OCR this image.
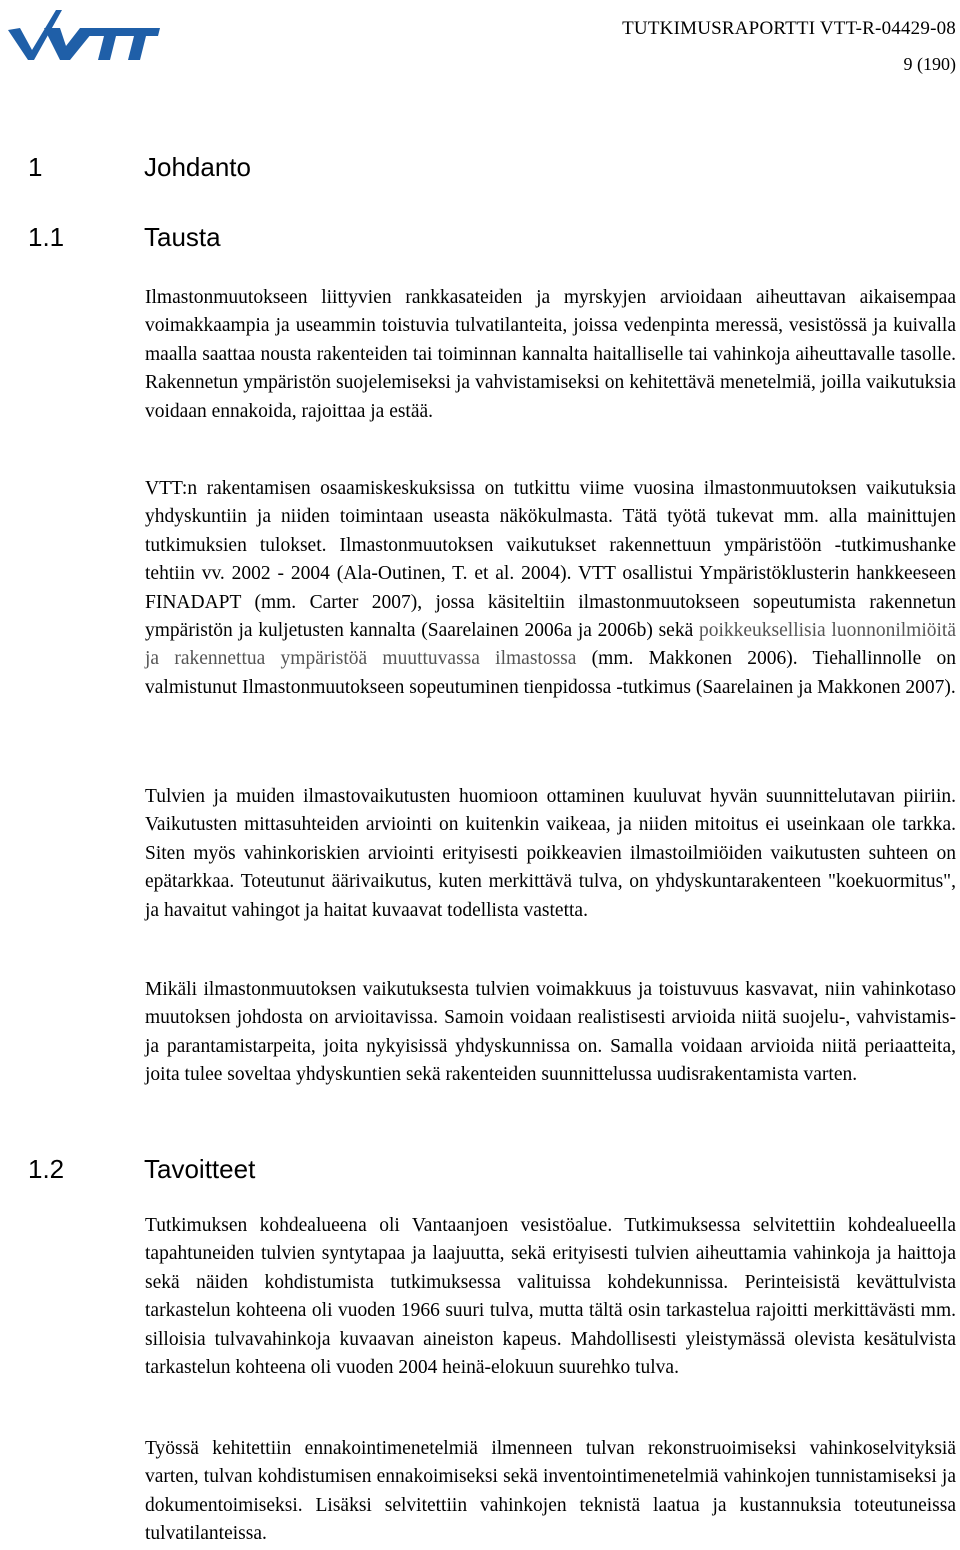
TUTKIMUSRAPORTTI VTT-R-04429-08
9 (190)
1	Johdanto
1.1	Tausta

Ilmastonmuutokseen liittyvien rankkasateiden ja myrskyjen arvioidaan aiheuttavan aikaisempaa voimakkaampia ja useammin toistuvia tulvatilanteita, joissa vedenpinta meressä, vesistössä ja kuivalla maalla saattaa nousta rakenteiden tai toiminnan kannalta haitalliselle tai vahinkoja aiheuttavalle tasolle. Rakennetun ympäristön suojelemiseksi ja vahvistamiseksi on kehitettävä menetelmiä, joilla vaikutuksia voidaan ennakoida, rajoittaa ja estää.

VTT:n rakentamisen osaamiskeskuksissa on tutkittu viime vuosina ilmastonmuutoksen vaikutuksia yhdyskuntiin ja niiden toimintaan useasta näkökulmasta. Tätä työtä tukevat mm. alla mainittujen tutkimuksien tulokset. Ilmastonmuutoksen vaikutukset rakennettuun ympäristöön -tutkimushanke tehtiin vv. 2002 - 2004 (Ala-Outinen, T. et al. 2004). VTT osallistui Ympäristöklusterin hankkeeseen FINADAPT (mm. Carter 2007), jossa käsiteltiin ilmastonmuutokseen sopeutumista rakennetun ympäristön ja kuljetusten kannalta (Saarelainen 2006a ja 2006b) sekä poikkeuksellisia luonnonilmiöitä ja rakennettua ympäristöä muuttuvassa ilmastossa (mm. Makkonen 2006). Tiehallinnolle on valmistunut Ilmastonmuutokseen sopeutuminen tienpidossa -tutkimus (Saarelainen ja Makkonen 2007).

Tulvien ja muiden ilmastovaikutusten huomioon ottaminen kuuluvat hyvän suunnittelutavan piiriin. Vaikutusten mittasuhteiden arviointi on kuitenkin vaikeaa, ja niiden mitoitus ei useinkaan ole tarkka. Siten myös vahinkoriskien arviointi erityisesti poikkeavien ilmastoilmiöiden vaikutusten suhteen on epätarkkaa. Toteutunut äärivaikutus, kuten merkittävä tulva, on yhdyskuntarakenteen "koekuormitus", ja havaitut vahingot ja haitat kuvaavat todellista vastetta.

Mikäli ilmastonmuutoksen vaikutuksesta tulvien voimakkuus ja toistuvuus kasvavat, niin vahinkotaso muutoksen johdosta on arvioitavissa. Samoin voidaan realistisesti arvioida niitä suojelu-, vahvistamis- ja parantamistarpeita, joita nykyisissä yhdyskunnissa on. Samalla voidaan arvioida niitä periaatteita, joita tulee soveltaa yhdyskuntien sekä rakenteiden suunnittelussa uudisrakentamista varten.

1.2	Tavoitteet

Tutkimuksen kohdealueena oli Vantaanjoen vesistöalue. Tutkimuksessa selvitettiin kohdealueella tapahtuneiden tulvien syntytapaa ja laajuutta, sekä erityisesti tulvien aiheuttamia vahinkoja ja haittoja sekä näiden kohdistumista tutkimuksessa valituissa kohdekunnissa. Perinteisistä kevättulvista tarkastelun kohteena oli vuoden 1966 suuri tulva, mutta tältä osin tarkastelua rajoitti merkittävästi mm. silloisia tulvavahinkoja kuvaavan aineiston kapeus. Mahdollisesti yleistymässä olevista kesätulvista tarkastelun kohteena oli vuoden 2004 heinä-elokuun suurehko tulva.

Työssä kehitettiin ennakointimenetelmiä ilmenneen tulvan rekonstruoimiseksi vahinkoselvityksiä varten, tulvan kohdistumisen ennakoimiseksi sekä inventointimenetelmiä vahinkojen tunnistamiseksi ja dokumentoimiseksi. Lisäksi selvitettiin vahinkojen teknistä laatua ja kustannuksia toteutuneissa tulvatilanteissa.
